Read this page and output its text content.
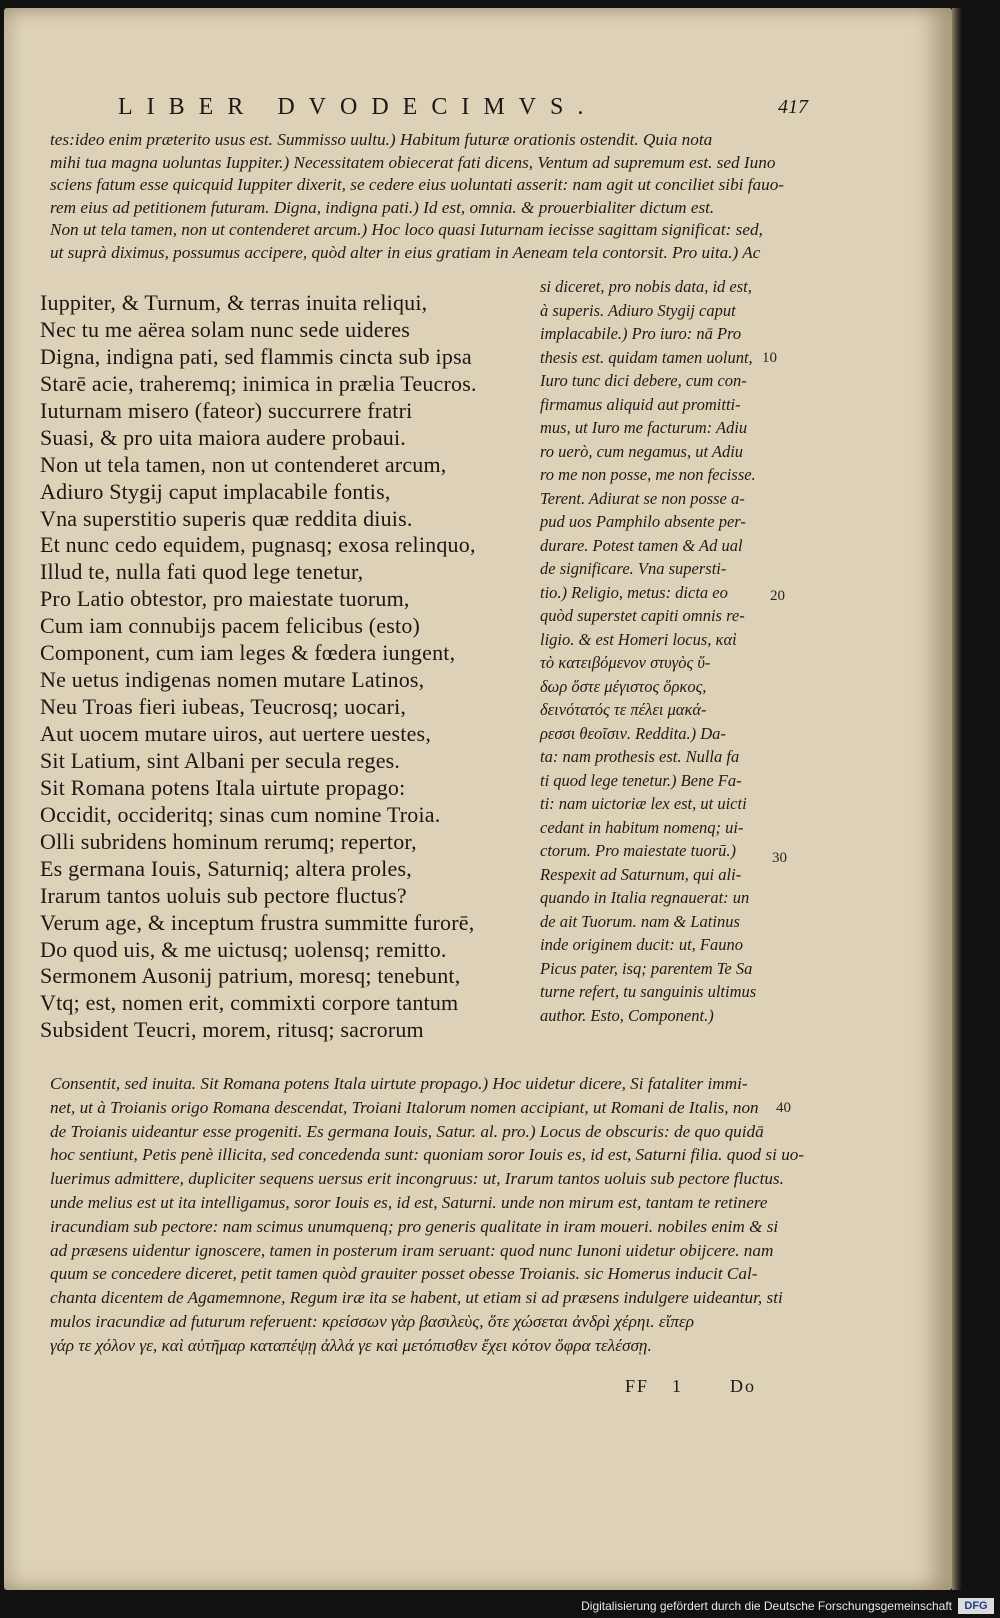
LIBER DVODECIMVS.	417
tes:ideo enim præterito usus est. Summisso uultu.) Habitum futuræ orationis ostendit. Quia nota
mihi tua magna uoluntas Iuppiter.) Necessitatem obiecerat fati dicens, Ventum ad supremum est. sed Iuno
sciens fatum esse quicquid Iuppiter dixerit, se cedere eius uoluntati asserit: nam agit ut conciliet sibi fauo-
rem eius ad petitionem futuram. Digna, indigna pati.) Id est, omnia. & prouerbialiter dictum est.
Non ut tela tamen, non ut contenderet arcum.) Hoc loco quasi Iuturnam iecisse sagittam significat: sed,
ut suprà diximus, possumus accipere, quòd alter in eius gratiam in Aeneam tela contorsit. Pro uita.) Ac
Iuppiter, & Turnum, & terras inuita reliqui,
Nec tu me aërea solam nunc sede uideres
Digna, indigna pati, sed flammis cincta sub ipsa
Starē acie, traheremq; inimica in prælia Teucros.
Iuturnam misero (fateor) succurrere fratri
Suasi, & pro uita maiora audere probaui.
Non ut tela tamen, non ut contenderet arcum,
Adiuro Stygij caput implacabile fontis,
Vna superstitio superis quæ reddita diuis.
Et nunc cedo equidem, pugnasq; exosa relinquo,
Illud te, nulla fati quod lege tenetur,
Pro Latio obtestor, pro maiestate tuorum,
Cum iam connubijs pacem felicibus (esto)
Component, cum iam leges & fœdera iungent,
Ne uetus indigenas nomen mutare Latinos,
Neu Troas fieri iubeas, Teucrosq; uocari,
Aut uocem mutare uiros, aut uertere uestes,
Sit Latium, sint Albani per secula reges.
Sit Romana potens Itala uirtute propago:
Occidit, occideritq; sinas cum nomine Troia.
Olli subridens hominum rerumq; repertor,
Es germana Iouis, Saturniq; altera proles,
Irarum tantos uoluis sub pectore fluctus?
Verum age, & inceptum frustra summitte furorē,
Do quod uis, & me uictusq; uolensq; remitto.
Sermonem Ausonij patrium, moresq; tenebunt,
Vtq; est, nomen erit, commixti corpore tantum
Subsident Teucri, morem, ritusq; sacrorum
si diceret, pro nobis data, id est,
à superis. Adiuro Stygij caput
implacabile.) Pro iuro: nā Pro
thesis est. quidam tamen uolunt,
Iuro tunc dici debere, cum con-
firmamus aliquid aut promitti-
mus, ut Iuro me facturum: Adiu
ro uerò, cum negamus, ut Adiu
ro me non posse, me non fecisse.
Terent. Adiurat se non posse a-
pud uos Pamphilo absente per-
durare. Potest tamen & Ad ual
de significare. Vna supersti-
tio.) Religio, metus: dicta eo
quòd superstet capiti omnis re-
ligio. & est Homeri locus, καὶ
τὸ κατειβόμενον στυγὸς ὕ-
δωρ ὅστε μέγιστος ὅρκος,
δεινότατός τε πέλει μακά-
ρεσσι θεοῖσιν. Reddita.) Da-
ta: nam prothesis est. Nulla fa
ti quod lege tenetur.) Bene Fa-
ti: nam uictoriæ lex est, ut uicti
cedant in habitum nomenq; ui-
ctorum. Pro maiestate tuorū.)
Respexit ad Saturnum, qui ali-
quando in Italia regnauerat: un
de ait Tuorum. nam & Latinus
inde originem ducit: ut, Fauno
Picus pater, isq; parentem Te Sa
turne refert, tu sanguinis ultimus
author. Esto, Component.)
10
20
30
40
Consentit, sed inuita. Sit Romana potens Itala uirtute propago.) Hoc uidetur dicere, Si fataliter immi-
net, ut à Troianis origo Romana descendat, Troiani Italorum nomen accipiant, ut Romani de Italis, non
de Troianis uideantur esse progeniti. Es germana Iouis, Satur. al. pro.) Locus de obscuris: de quo quidā
hoc sentiunt, Petis penè illicita, sed concedenda sunt: quoniam soror Iouis es, id est, Saturni filia. quod si uo-
luerimus admittere, dupliciter sequens uersus erit incongruus: ut, Irarum tantos uoluis sub pectore fluctus.
unde melius est ut ita intelligamus, soror Iouis es, id est, Saturni. unde non mirum est, tantam te retinere
iracundiam sub pectore: nam scimus unumquenq; pro generis qualitate in iram moueri. nobiles enim & si
ad præsens uidentur ignoscere, tamen in posterum iram seruant: quod nunc Iunoni uidetur obijcere. nam
quum se concedere diceret, petit tamen quòd grauiter posset obesse Troianis. sic Homerus inducit Cal-
chanta dicentem de Agamemnone, Regum iræ ita se habent, ut etiam si ad præsens indulgere uideantur, sti
mulos iracundiæ ad futurum referuent: κρείσσων γὰρ βασιλεὺς, ὅτε χώσεται ἀνδρὶ χέρηι. εἴπερ
γάρ τε χόλον γε, καὶ αὐτῆμαρ καταπέψῃ ἀλλά γε καὶ μετόπισθεν ἔχει κότον ὄφρα τελέσσῃ.
FF 1	Do
Digitalisierung gefördert durch die Deutsche Forschungsgemeinschaft	DFG
